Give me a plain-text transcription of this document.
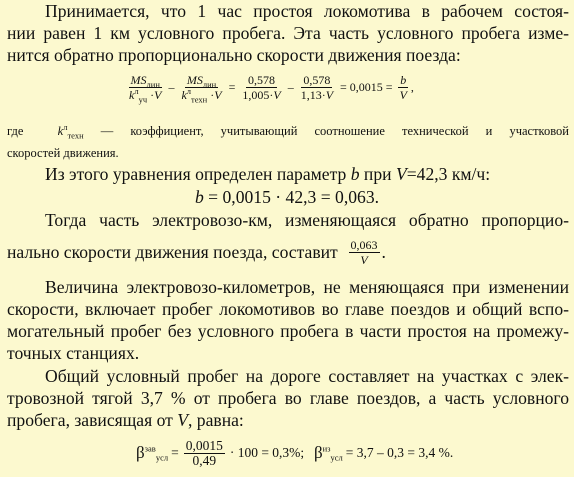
Принимается, что 1 час простоя локомотива в рабочем состоя-
нии равен 1 км условного пробега. Эта часть условного пробега изме-
нится обратно пропорционально скорости движения поезда:
$\frac{MS_{лин}}{k^л_{уч} \cdot V} - \frac{MS_{лин}}{k^л_{техн} \cdot V} = \frac{0,578}{1,005\cdot V} - \frac{0,578}{1,13\cdot V} = 0,0015 = \frac{b}{V}$ ,
где	$k^л_{техн}$ — коэффициент, учитывающий соотношение технической и участковой
скоростей движения.
Из этого уравнения определен параметр b при V=42,3 км/ч:
b = 0,0015 · 42,3 = 0,063.
Тогда часть электровозо-км, изменяющаяся обратно пропорцио-
нально скорости движения поезда, составит
$\frac{0,063}{V}$ .
Величина электровозо-километров, не меняющаяся при изменении
скорости, включает пробег локомотивов во главе поездов и общий вспо-
могательный пробег без условного пробега в части простоя на промежу-
точных станциях.
Общий условный пробег на дороге составляет на участках с элек-
тровозной тягой 3,7 % от пробега во главе поездов, а часть условного
пробега, зависящая от V, равна:
β $^{зав}_{усл} = \frac{0,0015}{0,49} \cdot 100 = 0,3\%$;
β $^{из}_{усл}$ = 3,7 – 0,3 = 3,4 %.
